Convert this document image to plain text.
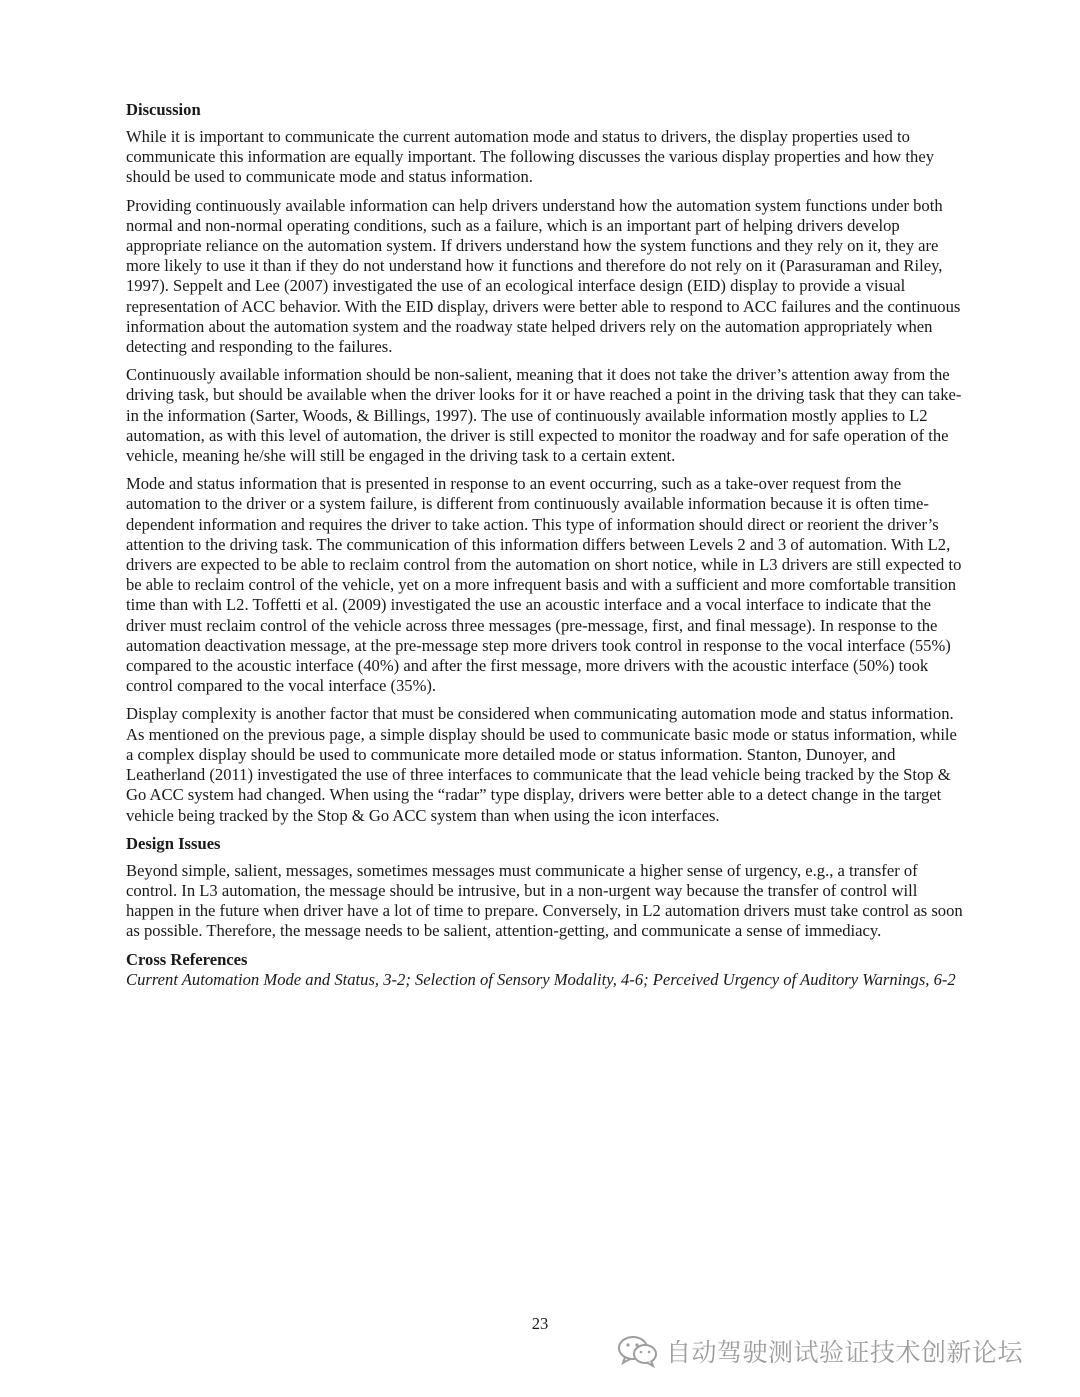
Discussion

While it is important to communicate the current automation mode and status to drivers, the display properties used to communicate this information are equally important. The following discusses the various display properties and how they should be used to communicate mode and status information.

Providing continuously available information can help drivers understand how the automation system functions under both normal and non-normal operating conditions, such as a failure, which is an important part of helping drivers develop appropriate reliance on the automation system. If drivers understand how the system functions and they rely on it, they are more likely to use it than if they do not understand how it functions and therefore do not rely on it (Parasuraman and Riley, 1997). Seppelt and Lee (2007) investigated the use of an ecological interface design (EID) display to provide a visual representation of ACC behavior. With the EID display, drivers were better able to respond to ACC failures and the continuous information about the automation system and the roadway state helped drivers rely on the automation appropriately when detecting and responding to the failures.

Continuously available information should be non-salient, meaning that it does not take the driver’s attention away from the driving task, but should be available when the driver looks for it or have reached a point in the driving task that they can take-in the information (Sarter, Woods, & Billings, 1997). The use of continuously available information mostly applies to L2 automation, as with this level of automation, the driver is still expected to monitor the roadway and for safe operation of the vehicle, meaning he/she will still be engaged in the driving task to a certain extent.

Mode and status information that is presented in response to an event occurring, such as a take-over request from the automation to the driver or a system failure, is different from continuously available information because it is often time-dependent information and requires the driver to take action. This type of information should direct or reorient the driver’s attention to the driving task. The communication of this information differs between Levels 2 and 3 of automation. With L2, drivers are expected to be able to reclaim control from the automation on short notice, while in L3 drivers are still expected to be able to reclaim control of the vehicle, yet on a more infrequent basis and with a sufficient and more comfortable transition time than with L2. Toffetti et al. (2009) investigated the use an acoustic interface and a vocal interface to indicate that the driver must reclaim control of the vehicle across three messages (pre-message, first, and final message). In response to the automation deactivation message, at the pre-message step more drivers took control in response to the vocal interface (55%) compared to the acoustic interface (40%) and after the first message, more drivers with the acoustic interface (50%) took control compared to the vocal interface (35%).

Display complexity is another factor that must be considered when communicating automation mode and status information. As mentioned on the previous page, a simple display should be used to communicate basic mode or status information, while a complex display should be used to communicate more detailed mode or status information. Stanton, Dunoyer, and Leatherland (2011) investigated the use of three interfaces to communicate that the lead vehicle being tracked by the Stop & Go ACC system had changed. When using the “radar” type display, drivers were better able to a detect change in the target vehicle being tracked by the Stop & Go ACC system than when using the icon interfaces.

Design Issues

Beyond simple, salient, messages, sometimes messages must communicate a higher sense of urgency, e.g., a transfer of control. In L3 automation, the message should be intrusive, but in a non-urgent way because the transfer of control will happen in the future when driver have a lot of time to prepare. Conversely, in L2 automation drivers must take control as soon as possible. Therefore, the message needs to be salient, attention-getting, and communicate a sense of immediacy.

Cross References

Current Automation Mode and Status, 3-2; Selection of Sensory Modality, 4-6; Perceived Urgency of Auditory Warnings, 6-2

23
自动驾驶测试验证技术创新论坛
